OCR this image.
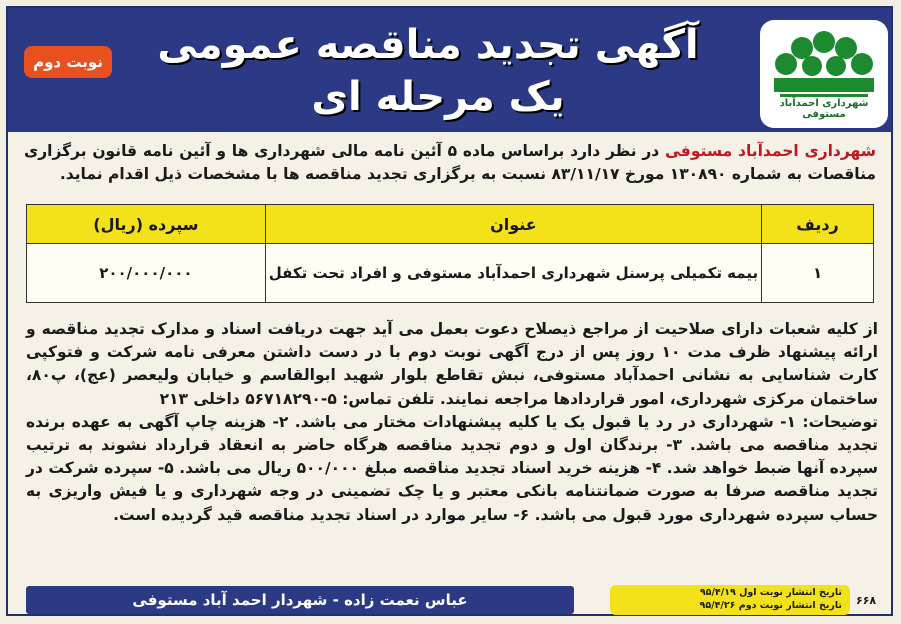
شهرداری احمدآباد مستوفی
آگهی تجدید مناقصه عمومی
یک مرحله ای
نوبت دوم
شهرداری احمدآباد مستوفی در نظر دارد براساس ماده ۵ آئین نامه مالی شهرداری ها و آئین نامه قانون برگزاری مناقصات به شماره ۱۳۰۸۹۰ مورخ ۸۳/۱۱/۱۷ نسبت به برگزاری تجدید مناقصه ها با مشخصات ذیل اقدام نماید.
ردیف	عنوان	سپرده (ریال)
۱	بیمه تکمیلی پرسنل شهرداری احمدآباد مستوفی و افراد تحت تکفل	۲۰۰/۰۰۰/۰۰۰
از کلیه شعبات دارای صلاحیت از مراجع ذیصلاح دعوت بعمل می آید جهت دریافت اسناد و مدارک تجدید مناقصه و ارائه پیشنهاد ظرف مدت ۱۰ روز پس از درج آگهی نوبت دوم با در دست داشتن معرفی نامه شرکت و فتوکپی کارت شناسایی به نشانی احمدآباد مستوفی، نبش تقاطع بلوار شهید ابوالقاسم و خیابان ولیعصر (عج)، پ۸۰، ساختمان مرکزی شهرداری، امور قراردادها مراجعه نمایند. تلفن تماس: ۵-۵۶۷۱۸۲۹۰ داخلی ۲۱۳
توضیحات: ۱- شهرداری در رد یا قبول یک یا کلیه پیشنهادات مختار می باشد. ۲- هزینه چاپ آگهی به عهده برنده تجدید مناقصه می باشد. ۳- برندگان اول و دوم تجدید مناقصه هرگاه حاضر به انعقاد قرارداد نشوند به ترتیب سپرده آنها ضبط خواهد شد. ۴- هزینه خرید اسناد تجدید مناقصه مبلغ ۵۰۰/۰۰۰ ریال می باشد. ۵- سپرده شرکت در تجدید مناقصه صرفا به صورت ضمانتنامه بانکی معتبر و یا چک تضمینی در وجه شهرداری و یا فیش واریزی به حساب سپرده شهرداری مورد قبول می باشد. ۶- سایر موارد در اسناد تجدید مناقصه قید گردیده است.
عباس نعمت زاده - شهردار احمد آباد مستوفی	تاریخ انتشار نوبت اول ۹۵/۴/۱۹
تاریخ انتشار نوبت دوم ۹۵/۴/۲۶ ۶۶۸
